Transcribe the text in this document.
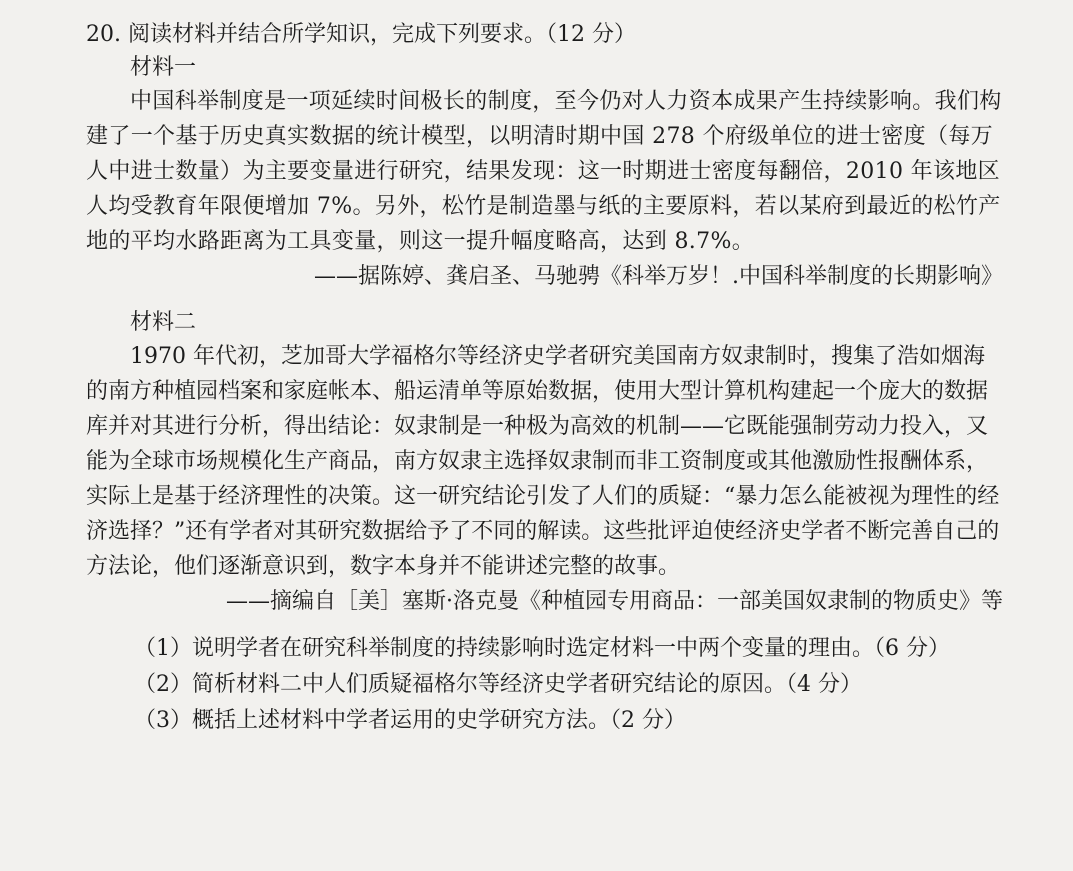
20. 阅读材料并结合所学知识，完成下列要求。（12 分）
材料一

中国科举制度是一项延续时间极长的制度，至今仍对人力资本成果产生持续影响。我们构建了一个基于历史真实数据的统计模型，以明清时期中国 278 个府级单位的进士密度（每万人中进士数量）为主要变量进行研究，结果发现：这一时期进士密度每翻倍，2010 年该地区人均受教育年限便增加 7%。另外，松竹是制造墨与纸的主要原料，若以某府到最近的松竹产地的平均水路距离为工具变量，则这一提升幅度略高，达到 8.7%。

——据陈婷、龚启圣、马驰骋《科举万岁！.中国科举制度的长期影响》
材料二

1970 年代初，芝加哥大学福格尔等经济史学者研究美国南方奴隶制时，搜集了浩如烟海的南方种植园档案和家庭帐本、船运清单等原始数据，使用大型计算机构建起一个庞大的数据库并对其进行分析，得出结论：奴隶制是一种极为高效的机制——它既能强制劳动力投入，又能为全球市场规模化生产商品，南方奴隶主选择奴隶制而非工资制度或其他激励性报酬体系，实际上是基于经济理性的决策。这一研究结论引发了人们的质疑：“暴力怎么能被视为理性的经济选择？”还有学者对其研究数据给予了不同的解读。这些批评迫使经济史学者不断完善自己的方法论，他们逐渐意识到，数字本身并不能讲述完整的故事。

——摘编自［美］塞斯·洛克曼《种植园专用商品：一部美国奴隶制的物质史》等
（1）说明学者在研究科举制度的持续影响时选定材料一中两个变量的理由。（6 分）
（2）简析材料二中人们质疑福格尔等经济史学者研究结论的原因。（4 分）
（3）概括上述材料中学者运用的史学研究方法。（2 分）
